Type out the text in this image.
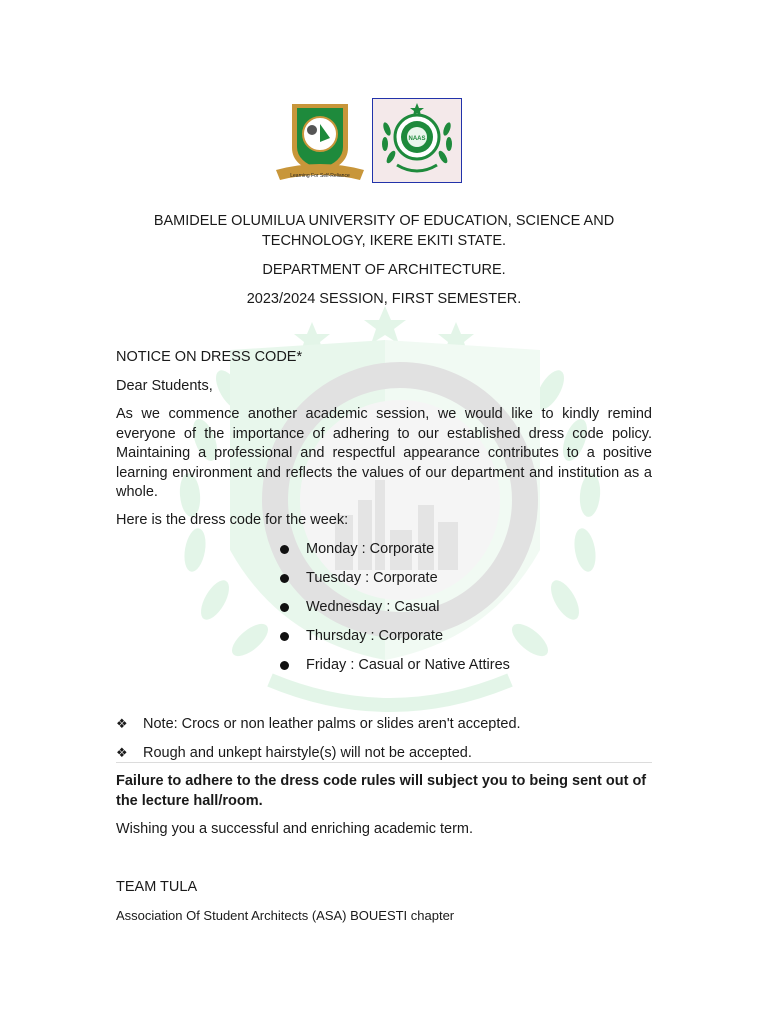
Learning For Self-Reliance
NAAS
BAMIDELE OLUMILUA UNIVERSITY OF EDUCATION, SCIENCE AND TECHNOLOGY, IKERE EKITI STATE.
DEPARTMENT OF ARCHITECTURE.
2023/2024 SESSION, FIRST SEMESTER.

NOTICE ON DRESS CODE*

Dear Students,

As we commence another academic session, we would like to kindly remind everyone of the importance of adhering to our established dress code policy. Maintaining a professional and respectful appearance contributes to a positive learning environment and reflects the values of our department and institution as a whole.

Here is the dress code for the week:

Monday : Corporate
Tuesday : Corporate
Wednesday : Casual
Thursday : Corporate
Friday : Casual or Native Attires
❖ Note: Crocs or non leather palms or slides aren't accepted.
❖ Rough and unkept hairstyle(s) will not be accepted.

Failure to adhere to the dress code rules will subject you to being sent out of the lecture hall/room.

Wishing you a successful and enriching academic term.

TEAM TULA

Association Of Student Architects (ASA) BOUESTI chapter
